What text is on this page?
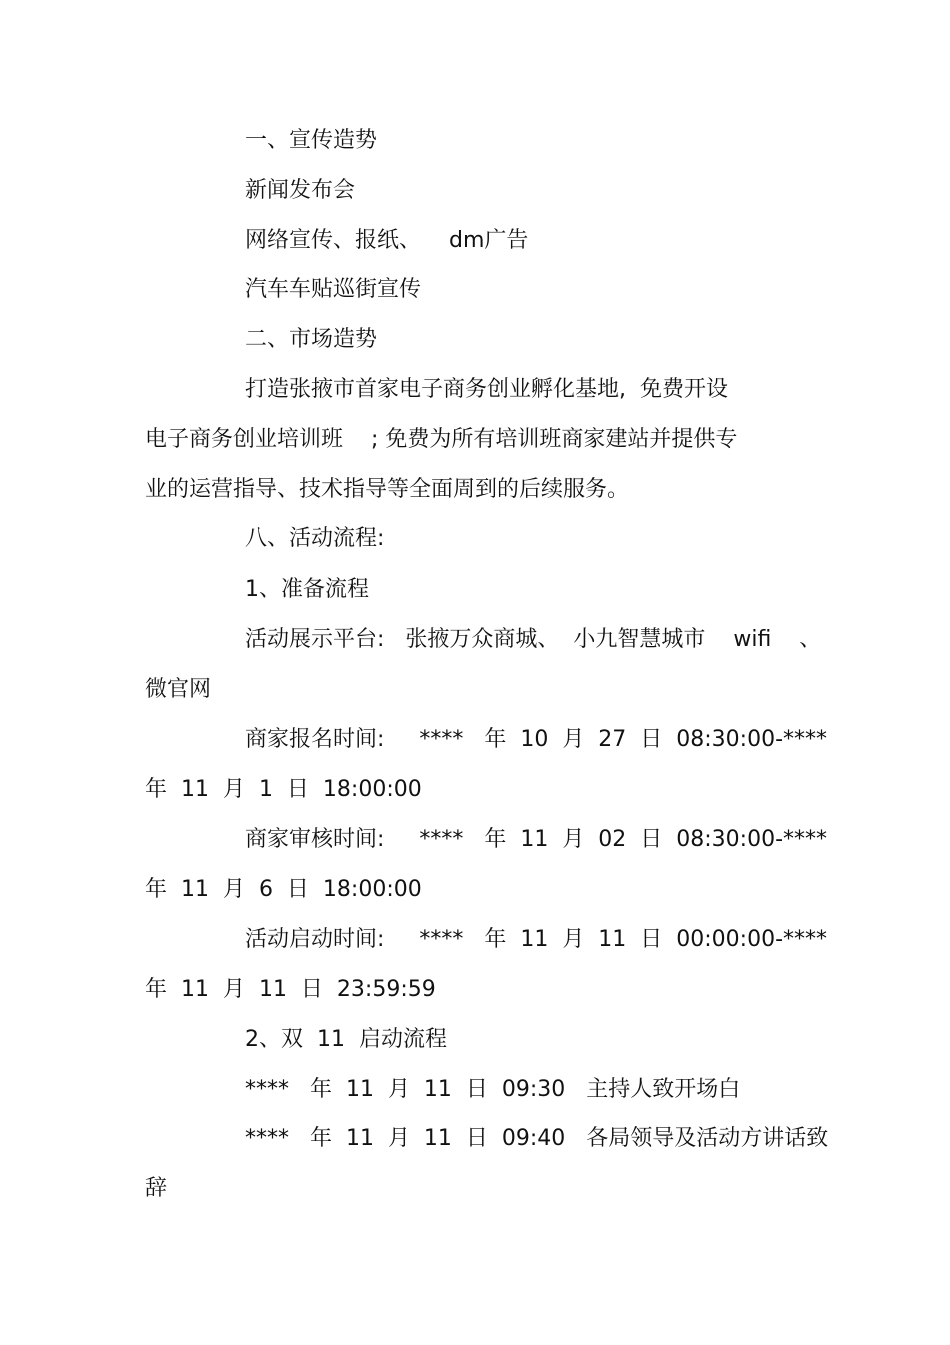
一、宣传造势
新闻发布会
网络宣传、报纸、    dm广告
汽车车贴巡街宣传
二、市场造势
打造张掖市首家电子商务创业孵化基地,  免费开设
电子商务创业培训班    ; 免费为所有培训班商家建站并提供专
业的运营指导、技术指导等全面周到的后续服务。
八、活动流程:
1、准备流程
活动展示平台:   张掖万众商城、  小九智慧城市    wifi    、
微官网
商家报名时间:     ****   年  10  月  27  日  08:30:00-****
年  11  月  1  日  18:00:00
商家审核时间:     ****   年  11  月  02  日  08:30:00-****
年  11  月  6  日  18:00:00
活动启动时间:     ****   年  11  月  11  日  00:00:00-****
年  11  月  11  日  23:59:59
2、双  11  启动流程
****   年  11  月  11  日  09:30   主持人致开场白
****   年  11  月  11  日  09:40   各局领导及活动方讲话致
辞
